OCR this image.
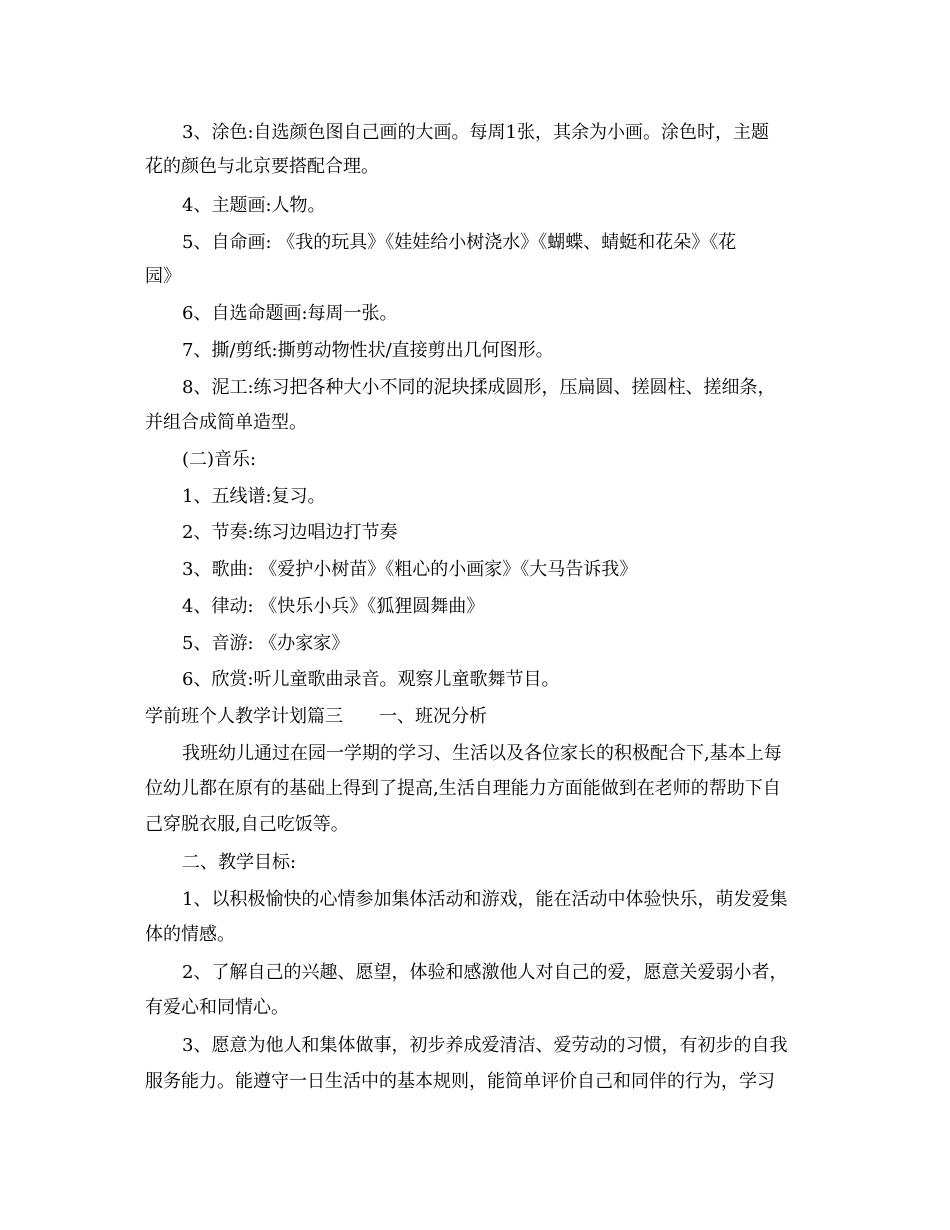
3、涂色:自选颜色图自己画的大画。每周1张，其余为小画。涂色时，主题
花的颜色与北京要搭配合理。
4、主题画:人物。
5、自命画: 《我的玩具》《娃娃给小树浇水》《蝴蝶、蜻蜓和花朵》《花
园》
6、自选命题画:每周一张。
7、撕/剪纸:撕剪动物性状/直接剪出几何图形。
8、泥工:练习把各种大小不同的泥块揉成圆形，压扁圆、搓圆柱、搓细条，
并组合成简单造型。
(二)音乐:
1、五线谱:复习。
2、节奏:练习边唱边打节奏
3、歌曲: 《爱护小树苗》《粗心的小画家》《大马告诉我》
4、律动: 《快乐小兵》《狐狸圆舞曲》
5、音游: 《办家家》
6、欣赏:听儿童歌曲录音。观察儿童歌舞节目。
学前班个人教学计划篇三　　一、班况分析
我班幼儿通过在园一学期的学习、生活以及各位家长的积极配合下,基本上每
位幼儿都在原有的基础上得到了提高,生活自理能力方面能做到在老师的帮助下自
己穿脱衣服,自己吃饭等。
二、教学目标:
1、以积极愉快的心情参加集体活动和游戏，能在活动中体验快乐，萌发爱集
体的情感。
2、了解自己的兴趣、愿望，体验和感激他人对自己的爱，愿意关爱弱小者，
有爱心和同情心。
3、愿意为他人和集体做事，初步养成爱清洁、爱劳动的习惯，有初步的自我
服务能力。能遵守一日生活中的基本规则，能简单评价自己和同伴的行为，学习
